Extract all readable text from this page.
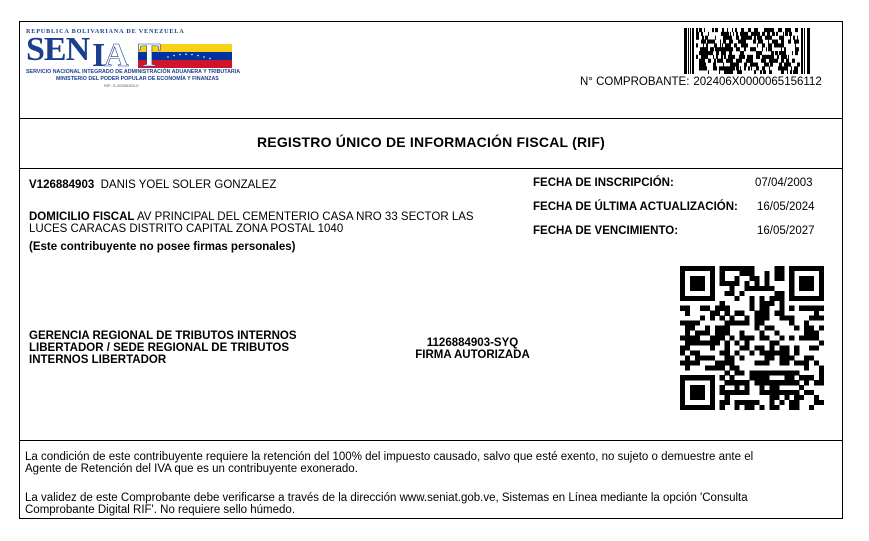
REPUBLICA BOLIVARIANA DE VENEZUELA
SEN I
A T
SERVICIO NACIONAL INTEGRADO DE ADMINISTRACIÓN ADUANERA Y TRIBUTARIA
MINISTERIO DEL PODER POPULAR DE ECONOMÍA Y FINANZAS
RIF: G-20000303-0	N° COMPROBANTE: 202406X0000065156112
REGISTRO ÚNICO DE INFORMACIÓN FISCAL (RIF)
V126884903 DANIS YOEL SOLER GONZALEZ
DOMICILIO FISCAL AV PRINCIPAL DEL CEMENTERIO CASA NRO 33 SECTOR LAS
LUCES CARACAS DISTRITO CAPITAL ZONA POSTAL 1040
(Este contribuyente no posee firmas personales)
FECHA DE INSCRIPCIÓN:	07/04/2003
FECHA DE ÚLTIMA ACTUALIZACIÓN: 16/05/2024
FECHA DE VENCIMIENTO:	16/05/2027
GERENCIA REGIONAL DE TRIBUTOS INTERNOS
LIBERTADOR / SEDE REGIONAL DE TRIBUTOS
INTERNOS LIBERTADOR
1126884903-SYQ
FIRMA AUTORIZADA
La condición de este contribuyente requiere la retención del 100% del impuesto causado, salvo que esté exento, no sujeto o demuestre ante el
Agente de Retención del IVA que es un contribuyente exonerado.
La validez de este Comprobante debe verificarse a través de la dirección www.seniat.gob.ve, Sistemas en Línea mediante la opción 'Consulta
Comprobante Digital RIF'. No requiere sello húmedo.
